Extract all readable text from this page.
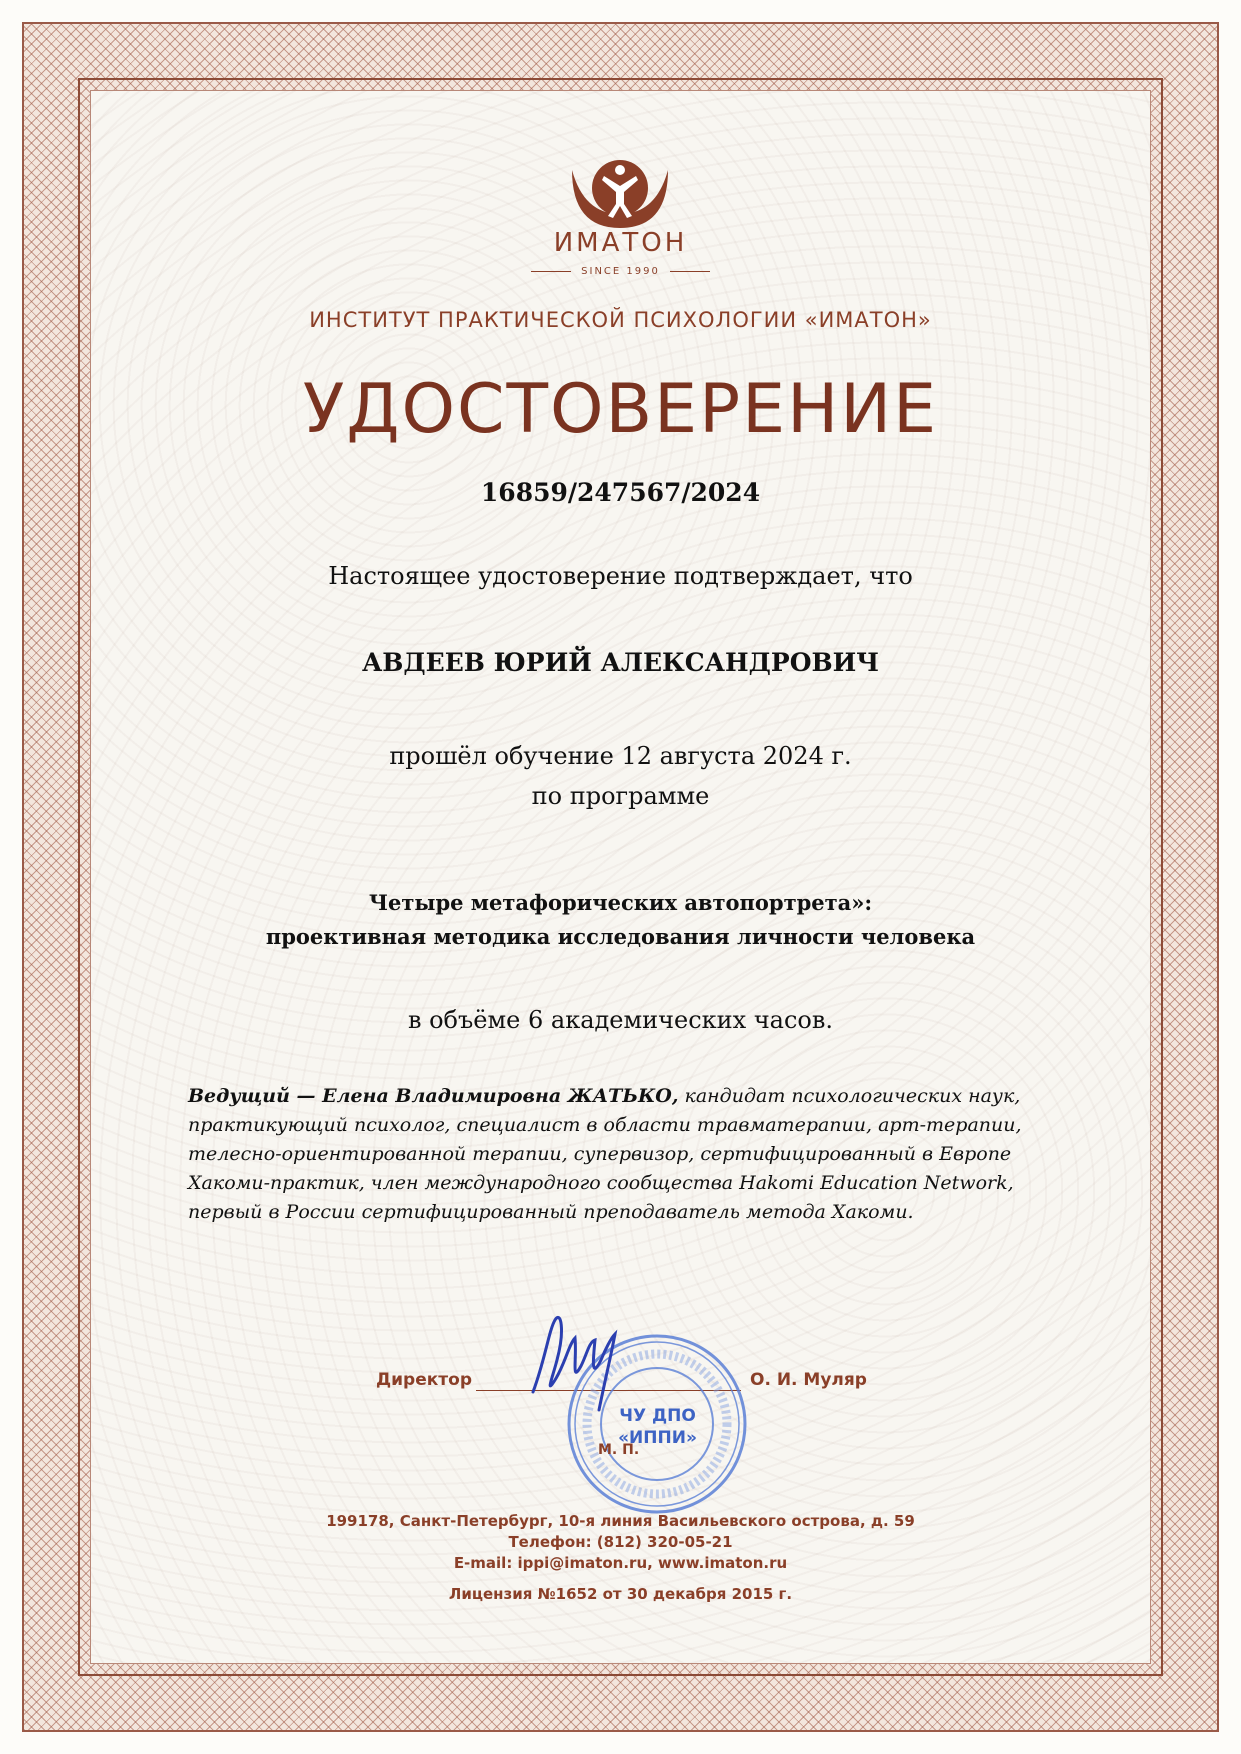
ИМАТОН
SINCE 1990
ИНСТИТУТ ПРАКТИЧЕСКОЙ ПСИХОЛОГИИ «ИМАТОН»
УДОСТОВЕРЕНИЕ
16859/247567/2024
Настоящее удостоверение подтверждает, что
АВДЕЕВ ЮРИЙ АЛЕКСАНДРОВИЧ
прошёл обучение 12 августа 2024 г.
по программе
Четыре метафорических автопортрета»:
проективная методика исследования личности человека
в объёме 6 академических часов.
Ведущий — Елена Владимировна ЖАТЬКО, кандидат психологических наук, практикующий психолог, специалист в области травматерапии, арт-терапии, телесно-ориентированной терапии, супервизор, сертифицированный в Европе Хакоми-практик, член международного сообщества Hakomi Education Network, первый в России сертифицированный преподаватель метода Хакоми.
Директор	О. И. Муляр
ЧУ ДПО
«ИППИ»
М. П.
199178, Санкт-Петербург, 10-я линия Васильевского острова, д. 59
Телефон: (812) 320-05-21
E-mail: ippi@imaton.ru, www.imaton.ru
Лицензия №1652 от 30 декабря 2015 г.
